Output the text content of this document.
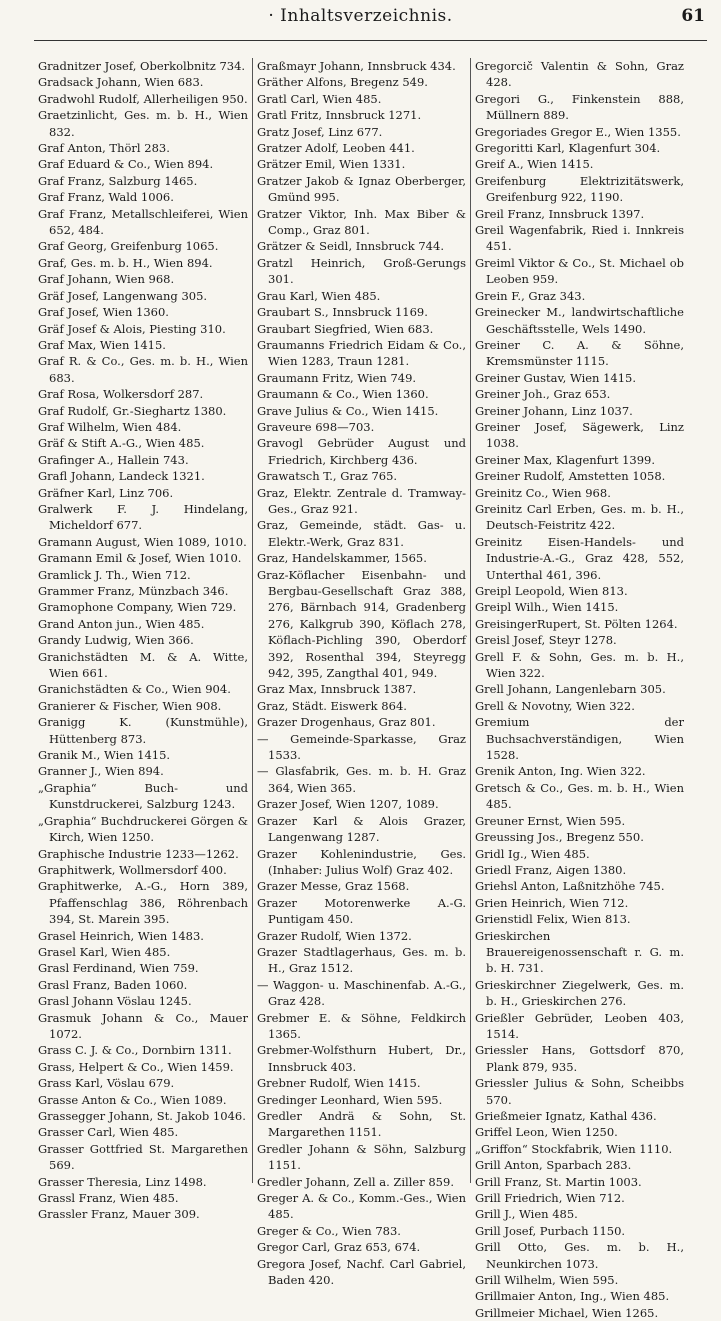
· Inhaltsverzeichnis.	61
Gradnitzer Josef, Oberkolbnitz 734.
Gradsack Johann, Wien 683.
Gradwohl Rudolf, Allerheiligen 950.
Graetzinlicht, Ges. m. b. H., Wien 832.
Graf Anton, Thörl 283.
Graf Eduard & Co., Wien 894.
Graf Franz, Salzburg 1465.
Graf Franz, Wald 1006.
Graf Franz, Metallschleiferei, Wien 652, 484.
Graf Georg, Greifenburg 1065.
Graf, Ges. m. b. H., Wien 894.
Graf Johann, Wien 968.
Gräf Josef, Langenwang 305.
Graf Josef, Wien 1360.
Gräf Josef & Alois, Piesting 310.
Graf Max, Wien 1415.
Graf R. & Co., Ges. m. b. H., Wien 683.
Graf Rosa, Wolkersdorf 287.
Graf Rudolf, Gr.-Sieghartz 1380.
Graf Wilhelm, Wien 484.
Gräf & Stift A.-G., Wien 485.
Grafinger A., Hallein 743.
Grafl Johann, Landeck 1321.
Gräfner Karl, Linz 706.
Gralwerk F. J. Hindelang, Micheldorf 677.
Gramann August, Wien 1089, 1010.
Gramann Emil & Josef, Wien 1010.
Gramlick J. Th., Wien 712.
Grammer Franz, Münzbach 346.
Gramophone Company, Wien 729.
Grand Anton jun., Wien 485.
Grandy Ludwig, Wien 366.
Granichstädten M. & A. Witte, Wien 661.
Granichstädten & Co., Wien 904.
Granierer & Fischer, Wien 908.
Granigg K. (Kunstmühle), Hüttenberg 873.
Granik M., Wien 1415.
Granner J., Wien 894.
„Graphia“ Buch- und Kunstdruckerei, Salzburg 1243.
„Graphia“ Buchdruckerei Görgen & Kirch, Wien 1250.
Graphische Industrie 1233—1262.
Graphitwerk, Wollmersdorf 400.
Graphitwerke, A.-G., Horn 389, Pfaffenschlag 386, Röhrenbach 394, St. Marein 395.
Grasel Heinrich, Wien 1483.
Grasel Karl, Wien 485.
Grasl Ferdinand, Wien 759.
Grasl Franz, Baden 1060.
Grasl Johann Vöslau 1245.
Grasmuk Johann & Co., Mauer 1072.
Grass C. J. & Co., Dornbirn 1311.
Grass, Helpert & Co., Wien 1459.
Grass Karl, Vöslau 679.
Grasse Anton & Co., Wien 1089.
Grassegger Johann, St. Jakob 1046.
Grasser Carl, Wien 485.
Grasser Gottfried St. Margarethen 569.
Grasser Theresia, Linz 1498.
Grassl Franz, Wien 485.
Grassler Franz, Mauer 309.
Graßmayr Johann, Innsbruck 434.
Gräther Alfons, Bregenz 549.
Gratl Carl, Wien 485.
Gratl Fritz, Innsbruck 1271.
Gratz Josef, Linz 677.
Gratzer Adolf, Leoben 441.
Grätzer Emil, Wien 1331.
Gratzer Jakob & Ignaz Oberberger, Gmünd 995.
Gratzer Viktor, Inh. Max Biber & Comp., Graz 801.
Grätzer & Seidl, Innsbruck 744.
Gratzl Heinrich, Groß-Gerungs 301.
Grau Karl, Wien 485.
Graubart S., Innsbruck 1169.
Graubart Siegfried, Wien 683.
Graumanns Friedrich Eidam & Co., Wien 1283, Traun 1281.
Graumann Fritz, Wien 749.
Graumann & Co., Wien 1360.
Grave Julius & Co., Wien 1415.
Graveure 698—703.
Gravogl Gebrüder August und Friedrich, Kirchberg 436.
Grawatsch T., Graz 765.
Graz, Elektr. Zentrale d. Tramway-Ges., Graz 921.
Graz, Gemeinde, städt. Gas- u. Elektr.-Werk, Graz 831.
Graz, Handelskammer, 1565.
Graz-Köflacher Eisenbahn- und Bergbau-Gesellschaft Graz 388, 276, Bärnbach 914, Gradenberg 276, Kalkgrub 390, Köflach 278, Köflach-Pichling 390, Oberdorf 392, Rosenthal 394, Steyregg 942, 395, Zangthal 401, 949.
Graz Max, Innsbruck 1387.
Graz, Städt. Eiswerk 864.
Grazer Drogenhaus, Graz 801.
— Gemeinde-Sparkasse, Graz 1533.
— Glasfabrik, Ges. m. b. H. Graz 364, Wien 365.
Grazer Josef, Wien 1207, 1089.
Grazer Karl & Alois Grazer, Langenwang 1287.
Grazer Kohlenindustrie, Ges. (Inhaber: Julius Wolf) Graz 402.
Grazer Messe, Graz 1568.
Grazer Motorenwerke A.-G. Puntigam 450.
Grazer Rudolf, Wien 1372.
Grazer Stadtlagerhaus, Ges. m. b. H., Graz 1512.
— Waggon- u. Maschinenfab. A.-G., Graz 428.
Grebmer E. & Söhne, Feldkirch 1365.
Grebmer-Wolfsthurn Hubert, Dr., Innsbruck 403.
Grebner Rudolf, Wien 1415.
Gredinger Leonhard, Wien 595.
Gredler Andrä & Sohn, St. Margarethen 1151.
Gredler Johann & Söhn, Salzburg 1151.
Gredler Johann, Zell a. Ziller 859.
Greger A. & Co., Komm.-Ges., Wien 485.
Greger & Co., Wien 783.
Gregor Carl, Graz 653, 674.
Gregora Josef, Nachf. Carl Gabriel, Baden 420.
Gregorcič Valentin & Sohn, Graz 428.
Gregori G., Finkenstein 888, Müllnern 889.
Gregoriades Gregor E., Wien 1355.
Gregoritti Karl, Klagenfurt 304.
Greif A., Wien 1415.
Greifenburg Elektrizitätswerk, Greifenburg 922, 1190.
Greil Franz, Innsbruck 1397.
Greil Wagenfabrik, Ried i. Innkreis 451.
Greiml Viktor & Co., St. Michael ob Leoben 959.
Grein F., Graz 343.
Greinecker M., landwirtschaftliche Geschäftsstelle, Wels 1490.
Greiner C. A. & Söhne, Kremsmünster 1115.
Greiner Gustav, Wien 1415.
Greiner Joh., Graz 653.
Greiner Johann, Linz 1037.
Greiner Josef, Sägewerk, Linz 1038.
Greiner Max, Klagenfurt 1399.
Greiner Rudolf, Amstetten 1058.
Greinitz Co., Wien 968.
Greinitz Carl Erben, Ges. m. b. H., Deutsch-Feistritz 422.
Greinitz Eisen-Handels- und Industrie-A.-G., Graz 428, 552, Unterthal 461, 396.
Greipl Leopold, Wien 813.
Greipl Wilh., Wien 1415.
GreisingerRupert, St. Pölten 1264.
Greisl Josef, Steyr 1278.
Grell F. & Sohn, Ges. m. b. H., Wien 322.
Grell Johann, Langenlebarn 305.
Grell & Novotny, Wien 322.
Gremium der Buchsachverständigen, Wien 1528.
Grenik Anton, Ing. Wien 322.
Gretsch & Co., Ges. m. b. H., Wien 485.
Greuner Ernst, Wien 595.
Greussing Jos., Bregenz 550.
Gridl Ig., Wien 485.
Griedl Franz, Aigen 1380.
Griehsl Anton, Laßnitzhöhe 745.
Grien Heinrich, Wien 712.
Grienstidl Felix, Wien 813.
Grieskirchen Brauereigenossenschaft r. G. m. b. H. 731.
Grieskirchner Ziegelwerk, Ges. m. b. H., Grieskirchen 276.
Grießler Gebrüder, Leoben 403, 1514.
Griessler Hans, Gottsdorf 870, Plank 879, 935.
Griessler Julius & Sohn, Scheibbs 570.
Grießmeier Ignatz, Kathal 436.
Griffel Leon, Wien 1250.
„Griffon“ Stockfabrik, Wien 1110.
Grill Anton, Sparbach 283.
Grill Franz, St. Martin 1003.
Grill Friedrich, Wien 712.
Grill J., Wien 485.
Grill Josef, Purbach 1150.
Grill Otto, Ges. m. b. H., Neunkirchen 1073.
Grill Wilhelm, Wien 595.
Grillmaier Anton, Ing., Wien 485.
Grillmeier Michael, Wien 1265.
